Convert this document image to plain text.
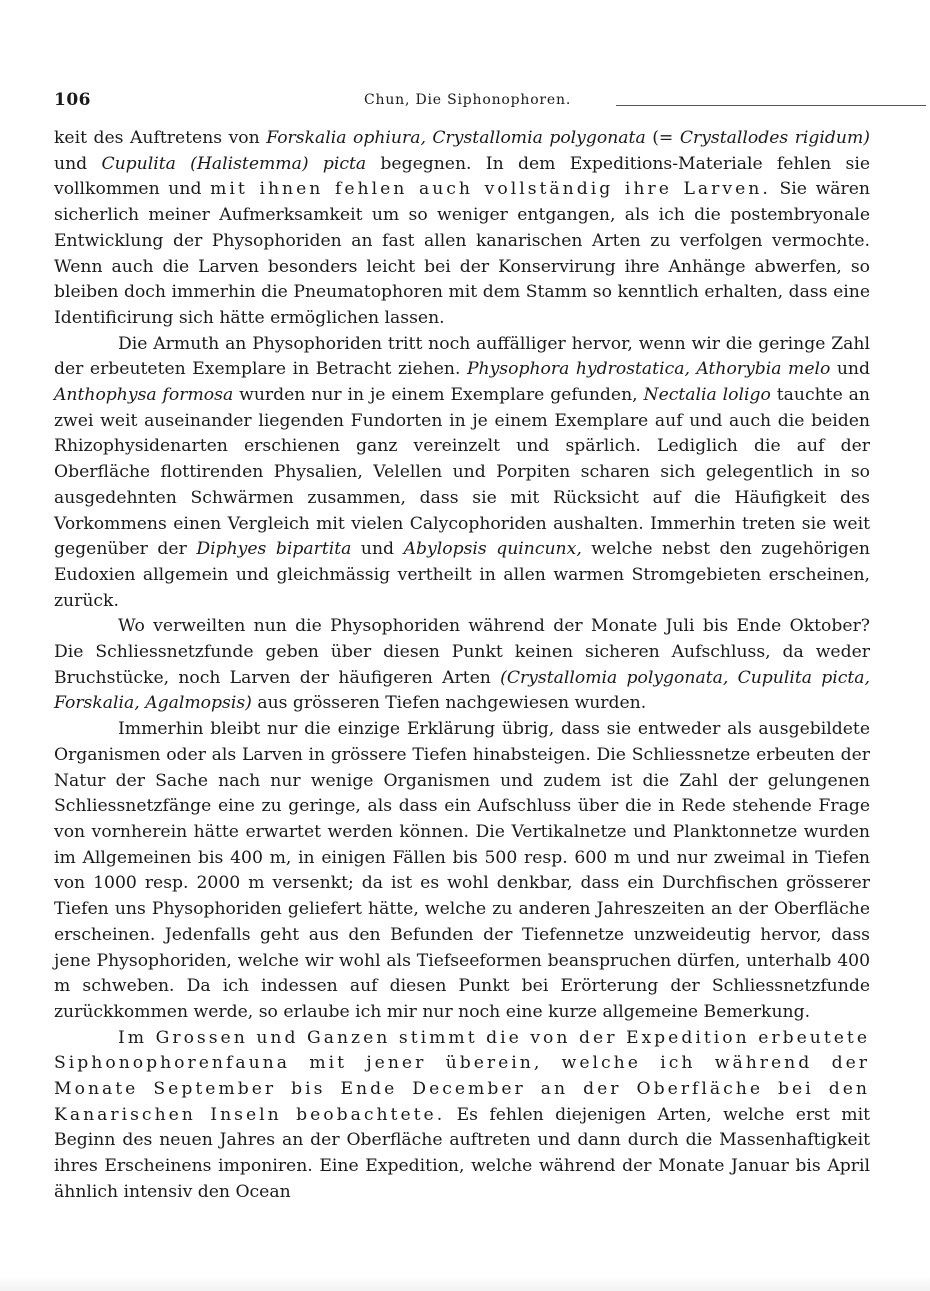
106	Chun, Die Siphonophoren.

keit des Auftretens von Forskalia ophiura, Crystallomia polygonata (= Crystallodes rigidum) und Cupulita (Halistemma) picta begegnen. In dem Expeditions-Materiale fehlen sie vollkommen und mit ihnen fehlen auch vollständig ihre Larven. Sie wären sicherlich meiner Aufmerksamkeit um so weniger entgangen, als ich die postembryonale Entwicklung der Physophoriden an fast allen kanarischen Arten zu verfolgen vermochte. Wenn auch die Larven besonders leicht bei der Konservirung ihre Anhänge abwerfen, so bleiben doch immerhin die Pneumatophoren mit dem Stamm so kenntlich erhalten, dass eine Identificirung sich hätte ermöglichen lassen.

Die Armuth an Physophoriden tritt noch auffälliger hervor, wenn wir die geringe Zahl der erbeuteten Exemplare in Betracht ziehen. Physophora hydrostatica, Athorybia melo und Anthophysa formosa wurden nur in je einem Exemplare gefunden, Nectalia loligo tauchte an zwei weit auseinander liegenden Fundorten in je einem Exemplare auf und auch die beiden Rhizophysidenarten erschienen ganz vereinzelt und spärlich. Lediglich die auf der Oberfläche flottirenden Physalien, Velellen und Porpiten scharen sich gelegentlich in so ausgedehnten Schwärmen zusammen, dass sie mit Rücksicht auf die Häufigkeit des Vorkommens einen Vergleich mit vielen Calycophoriden aushalten. Immerhin treten sie weit gegenüber der Diphyes bipartita und Abylopsis quincunx, welche nebst den zugehörigen Eudoxien allgemein und gleichmässig vertheilt in allen warmen Stromgebieten erscheinen, zurück.

Wo verweilten nun die Physophoriden während der Monate Juli bis Ende Oktober? Die Schliessnetzfunde geben über diesen Punkt keinen sicheren Aufschluss, da weder Bruchstücke, noch Larven der häufigeren Arten (Crystallomia polygonata, Cupulita picta, Forskalia, Agalmopsis) aus grösseren Tiefen nachgewiesen wurden.

Immerhin bleibt nur die einzige Erklärung übrig, dass sie entweder als ausgebildete Organismen oder als Larven in grössere Tiefen hinabsteigen. Die Schliessnetze erbeuten der Natur der Sache nach nur wenige Organismen und zudem ist die Zahl der gelungenen Schliessnetzfänge eine zu geringe, als dass ein Aufschluss über die in Rede stehende Frage von vornherein hätte erwartet werden können. Die Vertikalnetze und Planktonnetze wurden im Allgemeinen bis 400 m, in einigen Fällen bis 500 resp. 600 m und nur zweimal in Tiefen von 1000 resp. 2000 m versenkt; da ist es wohl denkbar, dass ein Durchfischen grösserer Tiefen uns Physophoriden geliefert hätte, welche zu anderen Jahreszeiten an der Oberfläche erscheinen. Jedenfalls geht aus den Befunden der Tiefennetze unzweideutig hervor, dass jene Physophoriden, welche wir wohl als Tiefseeformen beanspruchen dürfen, unterhalb 400 m schweben. Da ich indessen auf diesen Punkt bei Erörterung der Schliessnetzfunde zurückkommen werde, so erlaube ich mir nur noch eine kurze allgemeine Bemerkung.

Im Grossen und Ganzen stimmt die von der Expedition erbeutete Siphonophorenfauna mit jener überein, welche ich während der Monate September bis Ende December an der Oberfläche bei den Kanarischen Inseln beobachtete. Es fehlen diejenigen Arten, welche erst mit Beginn des neuen Jahres an der Oberfläche auftreten und dann durch die Massenhaftigkeit ihres Erscheinens imponiren. Eine Expedition, welche während der Monate Januar bis April ähnlich intensiv den Ocean
